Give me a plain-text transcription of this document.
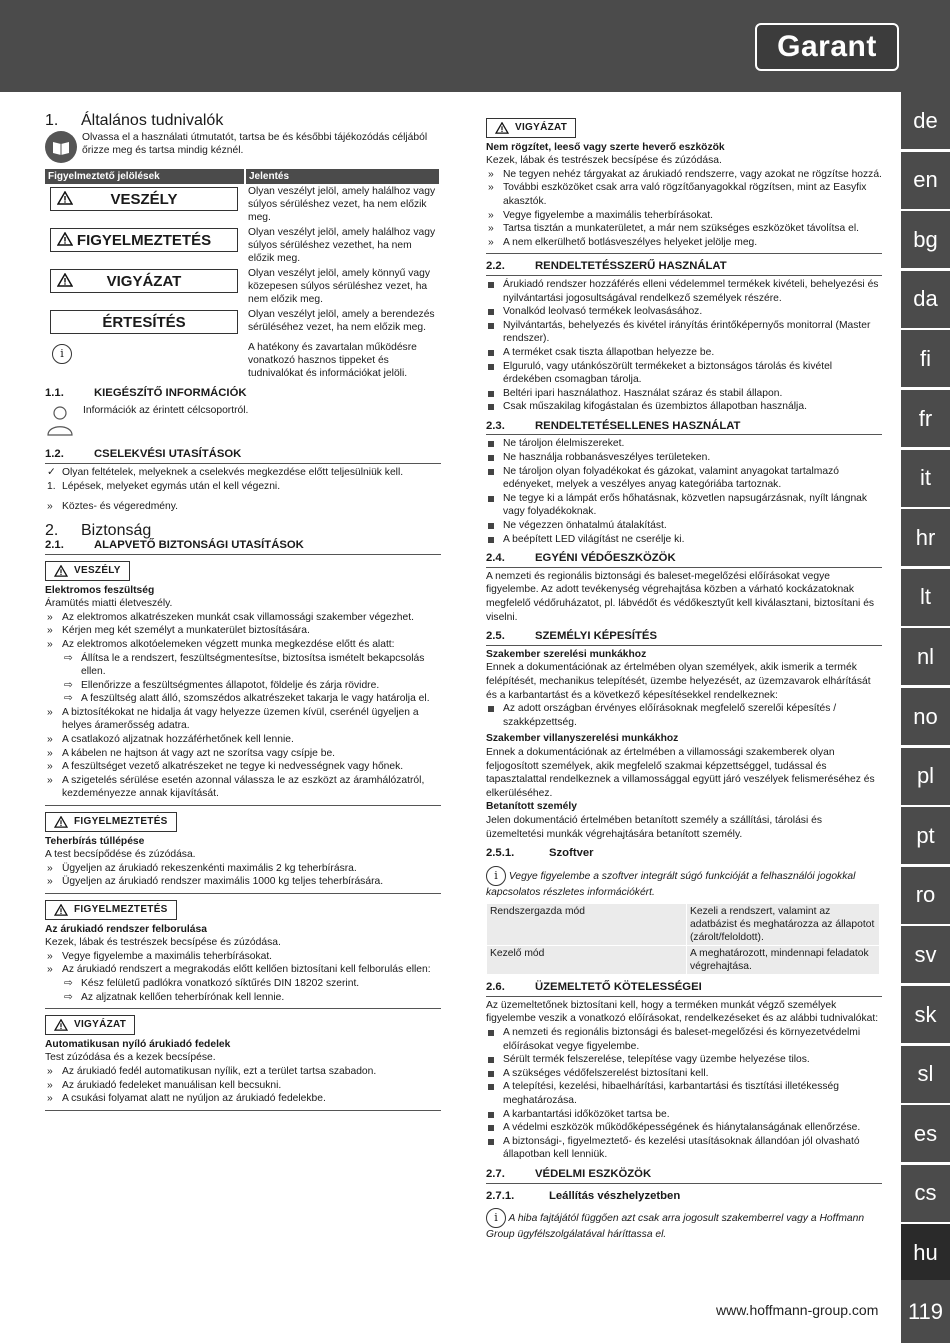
Garant
de
en
bg
da
fi
fr
it
hr
lt
nl
no
pl
pt
ro
sv
sk
sl
es
cs
hu
119
www.hoffmann-group.com

1. Általános tudnivalók

Olvassa el a használati útmutatót, tartsa be és későbbi tájékozódás céljából őrizze meg és tartsa mindig kéznél.

Figyelmeztető jelölések	Jelentés

VESZÉLY	Olyan veszélyt jelöl, amely halálhoz vagy súlyos sérüléshez vezet, ha nem előzik meg.

FIGYELMEZTETÉS	Olyan veszélyt jelöl, amely halálhoz vagy súlyos sérüléshez vezethet, ha nem előzik meg.

VIGYÁZAT	Olyan veszélyt jelöl, amely könnyű vagy közepesen súlyos sérüléshez vezet, ha nem előzik meg.

ÉRTESÍTÉS	Olyan veszélyt jelöl, amely a berendezés sérüléséhez vezet, ha nem előzik meg.
i	A hatékony és zavartalan működésre vonatkozó hasznos tippeket és tudnivalókat és információkat jelöli.
1.1.	KIEGÉSZÍTŐ INFORMÁCIÓK

Információk az érintett célcsoportról.

1.2.	CSELEKVÉSI UTASÍTÁSOK

✓ Olyan feltételek, melyeknek a cselekvés megkezdése előtt teljesülniük kell.

1. Lépések, melyeket egymás után el kell végezni.

» Köztes- és végeredmény.

2. Biztonság

2.1.	ALAPVETŐ BIZTONSÁGI UTASÍTÁSOK
VESZÉLY

Elektromos feszültség

Áramütés miatti életveszély.

» Az elektromos alkatrészeken munkát csak villamossági szakember végezhet.

» Kérjen meg két személyt a munkaterület biztosítására.

» Az elektromos alkotóelemeken végzett munka megkezdése előtt és alatt:

⇨ Állítsa le a rendszert, feszültségmentesítse, biztosítsa ismételt bekapcsolás ellen.

⇨ Ellenőrizze a feszültségmentes állapotot, földelje és zárja rövidre.

⇨ A feszültség alatt álló, szomszédos alkatrészeket takarja le vagy határolja el.

» A biztosítékokat ne hidalja át vagy helyezze üzemen kívül, cserénél ügyeljen a helyes áramerősség adatra.

» A csatlakozó aljzatnak hozzáférhetőnek kell lennie.

» A kábelen ne hajtson át vagy azt ne szorítsa vagy csípje be.

» A feszültséget vezető alkatrészeket ne tegye ki nedvességnek vagy hőnek.

» A szigetelés sérülése esetén azonnal válassza le az eszközt az áramhálózatról, kezdeményezze annak kijavítását.

FIGYELMEZTETÉS

Teherbírás túllépése

A test becsípődése és zúzódása.

» Ügyeljen az árukiadó rekeszenkénti maximális 2 kg teherbírásra.

» Ügyeljen az árukiadó rendszer maximális 1000 kg teljes teherbírására.

FIGYELMEZTETÉS

Az árukiadó rendszer felborulása

Kezek, lábak és testrészek becsípése és zúzódása.

» Vegye figyelembe a maximális teherbírásokat.

» Az árukiadó rendszert a megrakodás előtt kellően biztosítani kell felborulás ellen:

⇨ Kész felületű padlókra vonatkozó síktűrés DIN 18202 szerint.

⇨ Az aljzatnak kellően teherbírónak kell lennie.

VIGYÁZAT

Automatikusan nyíló árukiadó fedelek

Test zúzódása és a kezek becsípése.

» Az árukiadó fedél automatikusan nyílik, ezt a terület tartsa szabadon.

» Az árukiadó fedeleket manuálisan kell becsukni.

» A csukási folyamat alatt ne nyúljon az árukiadó fedelekbe.

VIGYÁZAT

Nem rögzítet, leeső vagy szerte heverő eszközök

Kezek, lábak és testrészek becsípése és zúzódása.

» Ne tegyen nehéz tárgyakat az árukiadó rendszerre, vagy azokat ne rögzítse hozzá.

» További eszközöket csak arra való rögzítőanyagokkal rögzítsen, mint az Easyfix akasztók.

» Vegye figyelembe a maximális teherbírásokat.

» Tartsa tisztán a munkaterületet, a már nem szükséges eszközöket távolítsa el.

» A nem elkerülhető botlásveszélyes helyeket jelölje meg.

2.2.	RENDELTETÉSSZERŰ HASZNÁLAT

Árukiadó rendszer hozzáférés elleni védelemmel termékek kivételi, behelyezési és nyilvántartási jogosultságával rendelkező személyek részére.

Vonalkód leolvasó termékek leolvasásához.

Nyilvántartás, behelyezés és kivétel irányítás érintőképernyős monitorral (Master rendszer).

A terméket csak tiszta állapotban helyezze be.

Elguruló, vagy utánkószörült termékeket a biztonságos tárolás és kivétel érdekében csomagban tárolja.

Beltéri ipari használathoz. Használat száraz és stabil állapon.

Csak műszakilag kifogástalan és üzembiztos állapotban használja.

2.3.	RENDELTETÉSELLENES HASZNÁLAT

Ne tároljon élelmiszereket.

Ne használja robbanásveszélyes területeken.

Ne tároljon olyan folyadékokat és gázokat, valamint anyagokat tartalmazó edényeket, melyek a veszélyes anyag kategóriába tartoznak.

Ne tegye ki a lámpát erős hőhatásnak, közvetlen napsugárzásnak, nyílt lángnak vagy folyadékoknak.

Ne végezzen önhatalmú átalakítást.

A beépített LED világítást ne cserélje ki.

2.4.	EGYÉNI VÉDŐESZKÖZÖK

A nemzeti és regionális biztonsági és baleset-megelőzési előírásokat vegye figyelembe. Az adott tevékenység végrehajtása közben a várható kockázatoknak megfelelő védőruházatot, pl. lábvédőt és védőkesztyűt kell kiválasztani, biztosítani és viselni.

2.5.	SZEMÉLYI KÉPESÍTÉS

Szakember szerelési munkákhoz

Ennek a dokumentációnak az értelmében olyan személyek, akik ismerik a termék felépítését, mechanikus telepítését, üzembe helyezését, az üzemzavarok elhárítását és a karbantartást és a következő képesítésekkel rendelkeznek:

Az adott országban érvényes előírásoknak megfelelő szerelői képesítés / szakképzettség.

Szakember villanyszerelési munkákhoz

Ennek a dokumentációnak az értelmében a villamossági szakemberek olyan feljogosított személyek, akik megfelelő szakmai képzettséggel, tudással és tapasztalattal rendelkeznek a villamossággal együtt járó veszélyek felismeréséhez és elkerüléséhez.

Betanított személy

Jelen dokumentáció értelmében betanított személy a szállítási, tárolási és üzemeltetési munkák végrehajtására betanított személy.

2.5.1.	Szoftver

i Vegye figyelembe a szoftver integrált súgó funkcióját a felhasználói jogokkal kapcsolatos részletes információkért.

Rendszergazda mód	Kezeli a rendszert, valamint az adatbázist és meghatározza az állapotot (zárolt/feloldott).
Kezelő mód	A meghatározott, mindennapi feladatok végrehajtása.
2.6.	ÜZEMELTETŐ KÖTELESSÉGEI

Az üzemeltetőnek biztosítani kell, hogy a terméken munkát végző személyek figyelembe veszik a vonatkozó előírásokat, rendelkezéseket és az alábbi tudnivalókat:

A nemzeti és regionális biztonsági és baleset-megelőzési és környezetvédelmi előírásokat vegye figyelembe.

Sérült termék felszerelése, telepítése vagy üzembe helyezése tilos.

A szükséges védőfelszerelést biztosítani kell.

A telepítési, kezelési, hibaelhárítási, karbantartási és tisztítási illetékesség meghatározása.

A karbantartási időközöket tartsa be.

A védelmi eszközök működőképességének és hiánytalanságának ellenőrzése.

A biztonsági-, figyelmeztető- és kezelési utasításoknak állandóan jól olvasható állapotban kell lenniük.

2.7.	VÉDELMI ESZKÖZÖK
2.7.1.	Leállítás vészhelyzetben

i A hiba fajtájától függően azt csak arra jogosult szakemberrel vagy a Hoffmann Group ügyfélszolgálatával háríttassa el.
